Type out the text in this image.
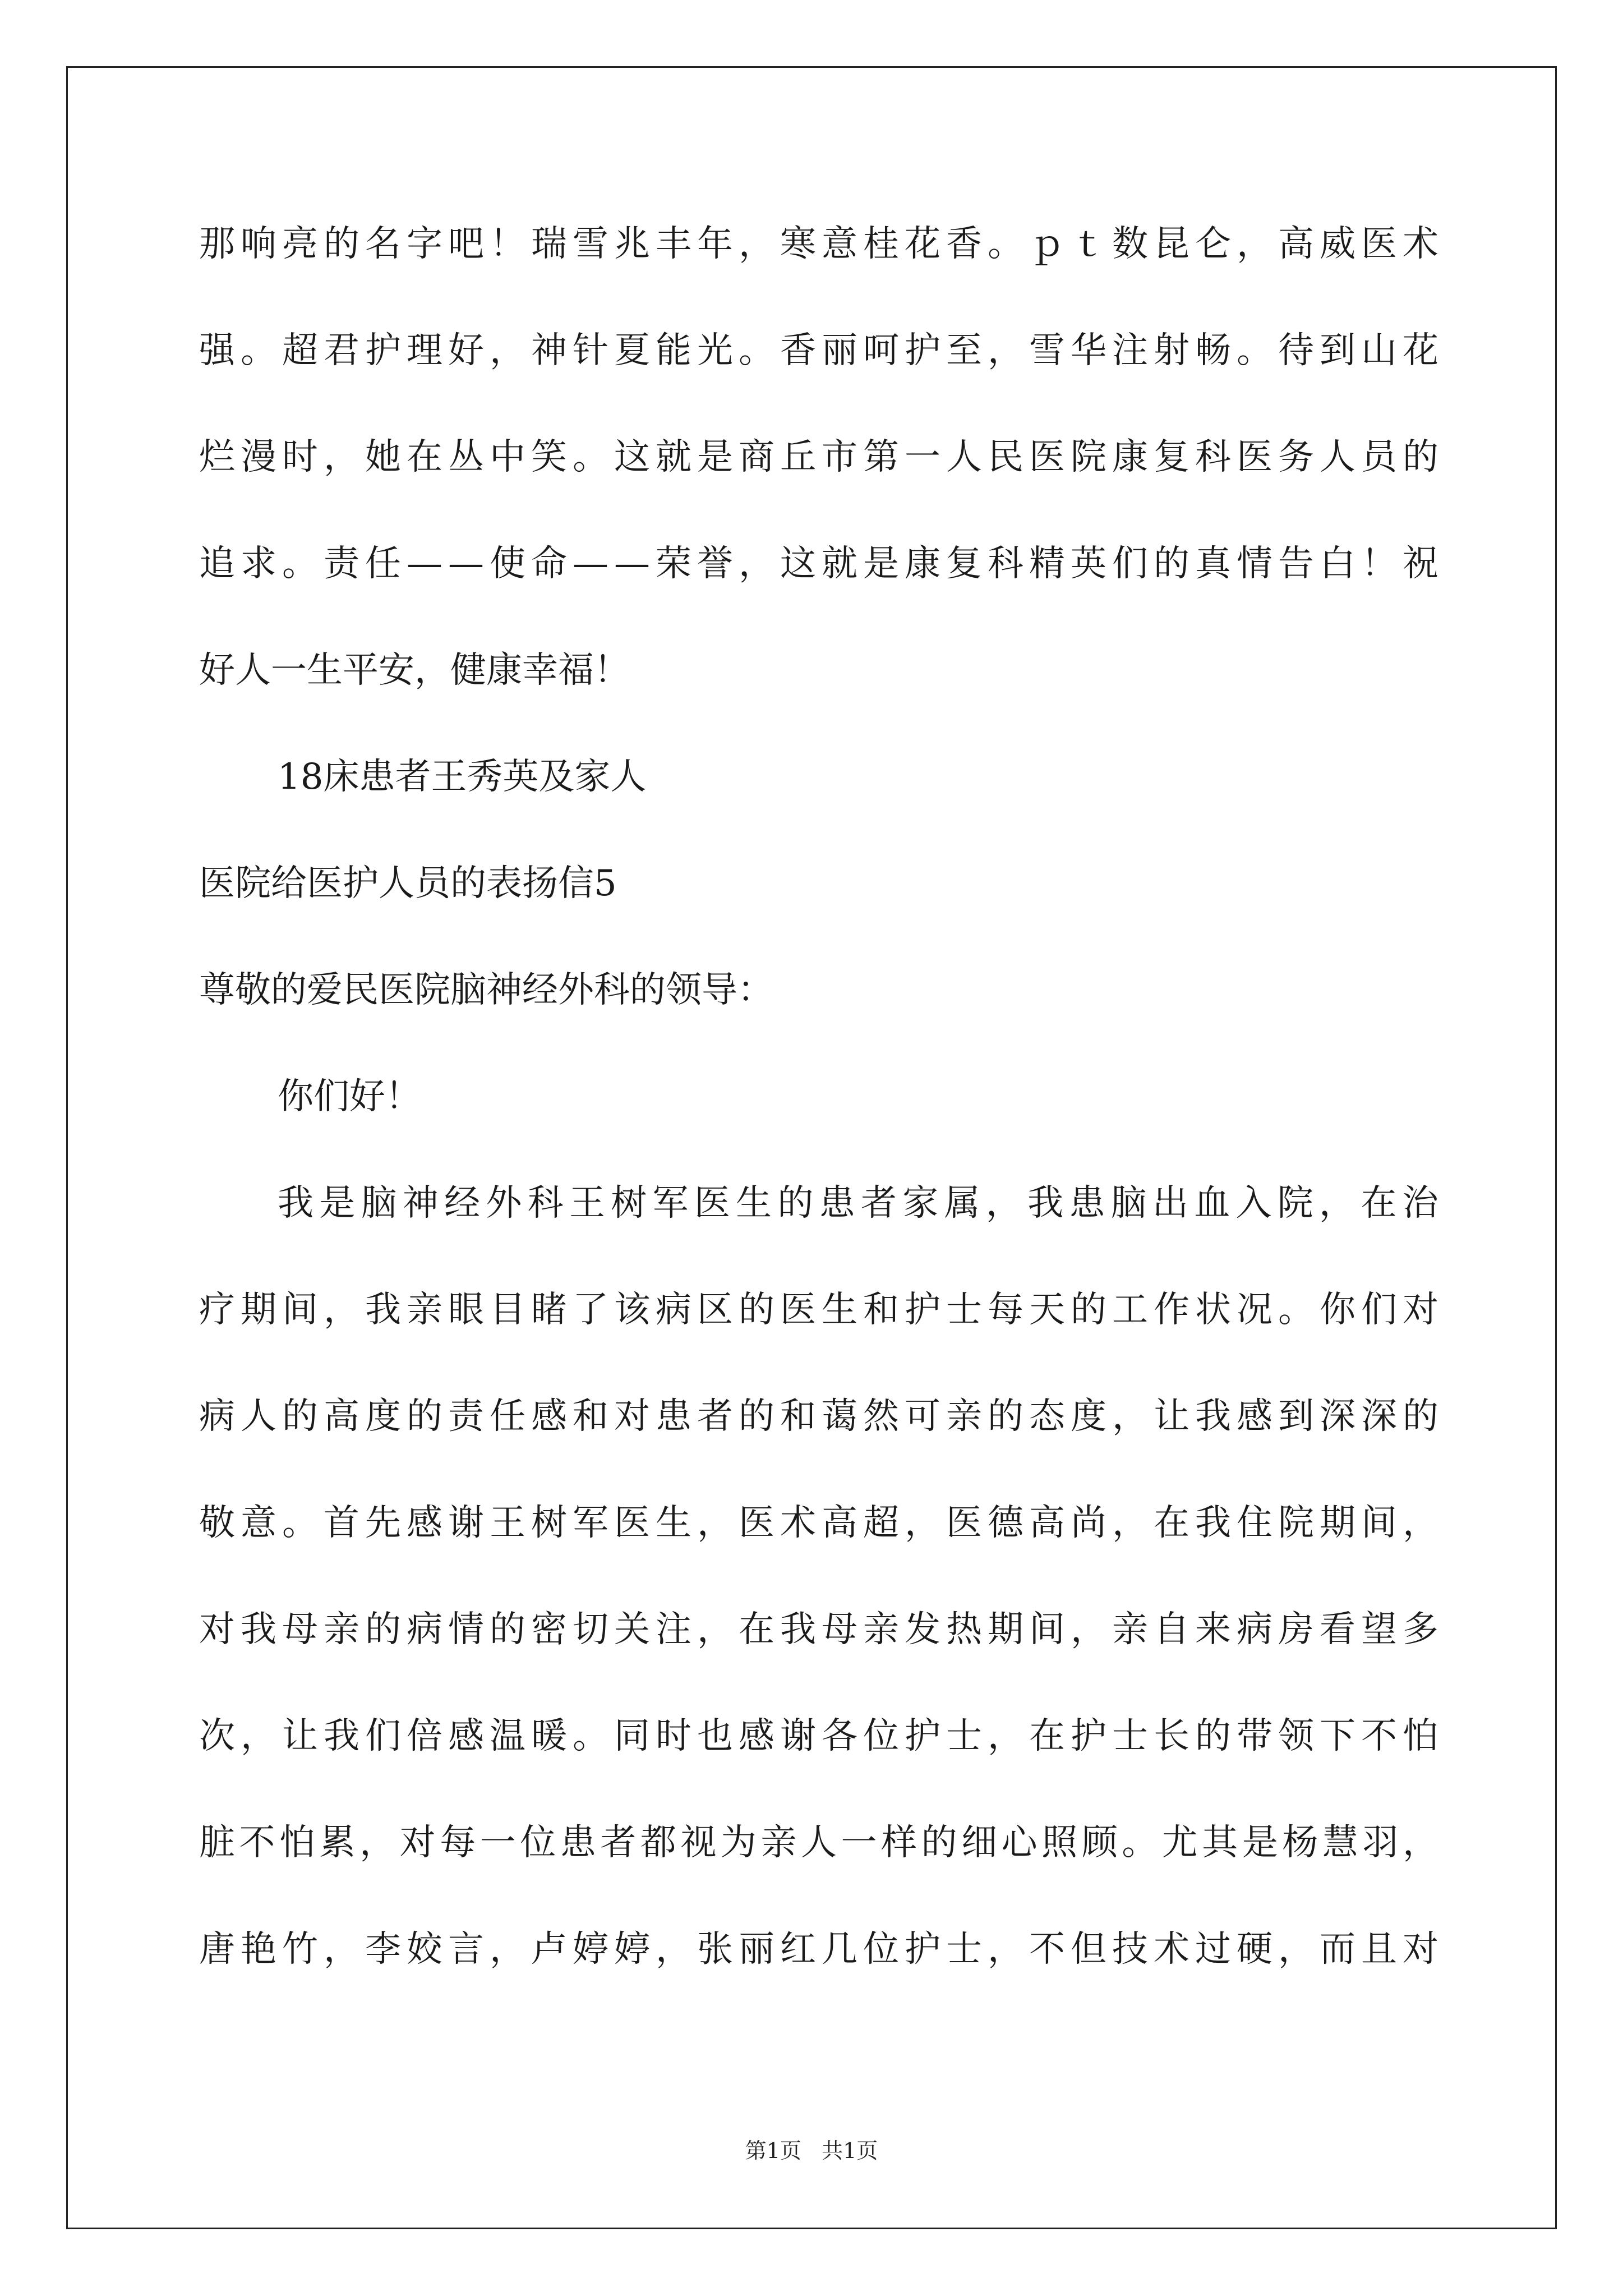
那 响 亮 的 名 字 吧 ！ 瑞 雪 兆 丰 年 ， 寒 意 桂 花 香 。 ｐ ｔ 数 昆 仑 ， 高 威 医 术
强 。 超 君 护 理 好 ， 神 针 夏 能 光 。 香 丽 呵 护 至 ， 雪 华 注 射 畅 。 待 到 山 花
烂 漫 时 ， 她 在 丛 中 笑 。 这 就 是 商 丘 市 第 一 人 民 医 院 康 复 科 医 务 人 员 的
追 求 。 责 任 — — 使 命 — — 荣 誉 ， 这 就 是 康 复 科 精 英 们 的 真 情 告 白 ！ 祝
好人一生平安，健康幸福！
18床患者王秀英及家人
医院给医护人员的表扬信5
尊敬的爱民医院脑神经外科的领导：
你们好！
我 是 脑 神 经 外 科 王 树 军 医 生 的 患 者 家 属 ， 我 患 脑 出 血 入 院 ， 在 治
疗 期 间 ， 我 亲 眼 目 睹 了 该 病 区 的 医 生 和 护 士 每 天 的 工 作 状 况 。 你 们 对
病 人 的 高 度 的 责 任 感 和 对 患 者 的 和 蔼 然 可 亲 的 态 度 ， 让 我 感 到 深 深 的
敬 意 。 首 先 感 谢 王 树 军 医 生 ， 医 术 高 超 ， 医 德 高 尚 ， 在 我 住 院 期 间 ，
对 我 母 亲 的 病 情 的 密 切 关 注 ， 在 我 母 亲 发 热 期 间 ， 亲 自 来 病 房 看 望 多
次 ， 让 我 们 倍 感 温 暖 。 同 时 也 感 谢 各 位 护 士 ， 在 护 士 长 的 带 领 下 不 怕
脏 不 怕 累 ， 对 每 一 位 患 者 都 视 为 亲 人 一 样 的 细 心 照 顾 。 尤 其 是 杨 慧 羽 ，
唐 艳 竹 ， 李 姣 言 ， 卢 婷 婷 ， 张 丽 红 几 位 护 士 ， 不 但 技 术 过 硬 ， 而 且 对
第1页   共1页
